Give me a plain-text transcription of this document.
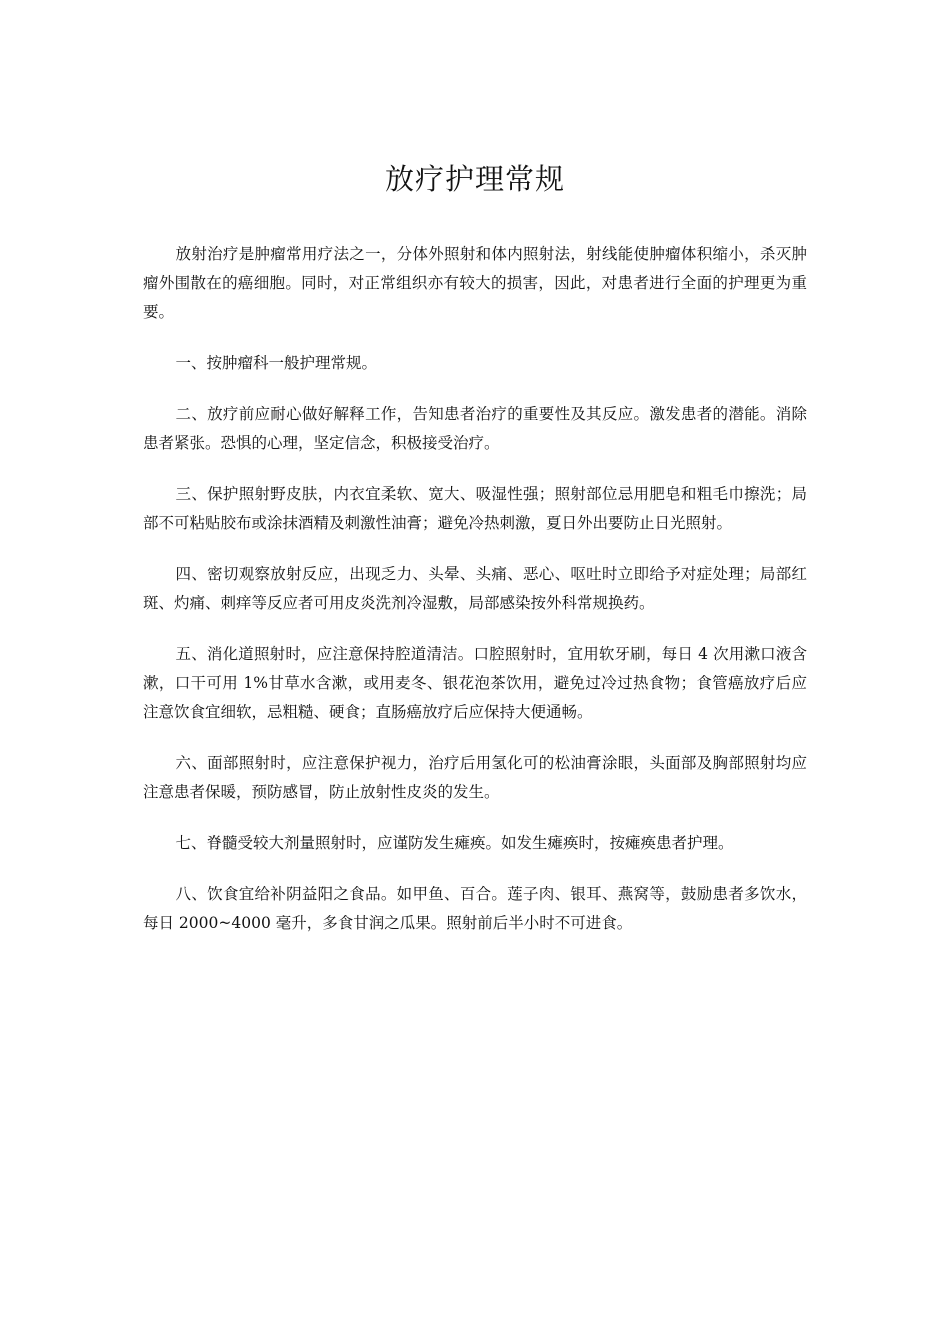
放疗护理常规

放射治疗是肿瘤常用疗法之一，分体外照射和体内照射法，射线能使肿瘤体积缩小，杀灭肿瘤外围散在的癌细胞。同时，对正常组织亦有较大的损害，因此，对患者进行全面的护理更为重要。

一、按肿瘤科一般护理常规。

二、放疗前应耐心做好解释工作，告知患者治疗的重要性及其反应。激发患者的潜能。消除患者紧张。恐惧的心理，坚定信念，积极接受治疗。

三、保护照射野皮肤，内衣宜柔软、宽大、吸湿性强；照射部位忌用肥皂和粗毛巾擦洗；局部不可粘贴胶布或涂抹酒精及刺激性油膏；避免冷热刺激，夏日外出要防止日光照射。

四、密切观察放射反应，出现乏力、头晕、头痛、恶心、呕吐时立即给予对症处理；局部红斑、灼痛、刺痒等反应者可用皮炎洗剂冷湿敷，局部感染按外科常规换药。

五、消化道照射时，应注意保持腔道清洁。口腔照射时，宜用软牙刷，每日 4 次用漱口液含漱，口干可用 1%甘草水含漱，或用麦冬、银花泡茶饮用，避免过冷过热食物；食管癌放疗后应注意饮食宜细软，忌粗糙、硬食；直肠癌放疗后应保持大便通畅。

六、面部照射时，应注意保护视力，治疗后用氢化可的松油膏涂眼，头面部及胸部照射均应注意患者保暖，预防感冒，防止放射性皮炎的发生。

七、脊髓受较大剂量照射时，应谨防发生瘫痪。如发生瘫痪时，按瘫痪患者护理。

八、饮食宜给补阴益阳之食品。如甲鱼、百合。莲子肉、银耳、燕窝等，鼓励患者多饮水，每日 2000~4000 毫升，多食甘润之瓜果。照射前后半小时不可进食。
